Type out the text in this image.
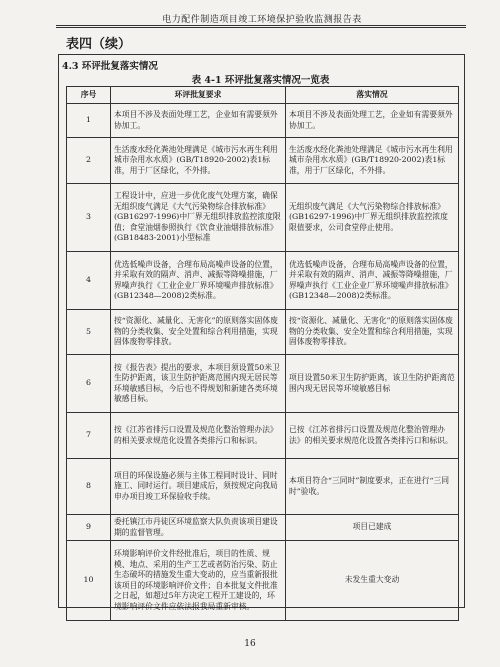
电力配件制造项目竣工环境保护验收监测报告表
表四（续）
4.3 环评批复落实情况
表 4-1 环评批复落实情况一览表
序号	环评批复要求	落实情况
1	本项目不涉及表面处理工艺，企业如有需要须外协加工。	本项目不涉及表面处理工艺，企业如有需要须外协加工。
2	生活废水经化粪池处理满足《城市污水再生利用城市杂用水水质》(GB/T18920-2002)表1标准，用于厂区绿化，不外排。	生活废水经化粪池处理满足《城市污水再生利用城市杂用水水质》(GB/T18920-2002)表1标准，用于厂区绿化，不外排。
3	工程设计中，应进一步优化废气处理方案，确保无组织废气满足《大气污染物综合排放标准》(GB16297-1996)中厂界无组织排放监控浓度限值；食堂油烟参照执行《饮食业油烟排放标准》(GB18483-2001)小型标准	无组织废气满足《大气污染物综合排放标准》(GB16297-1996)中厂界无组织排放监控浓度限值要求，公司食堂停止使用。
4	优选低噪声设备，合理布局高噪声设备的位置，并采取有效的隔声、消声、减振等降噪措施，厂界噪声执行《工业企业厂界环境噪声排放标准》(GB12348—2008)2类标准。	优选低噪声设备，合理布局高噪声设备的位置，并采取有效的隔声、消声、减振等降噪措施，厂界噪声执行《工业企业厂界环境噪声排放标准》(GB12348—2008)2类标准。
5	按“资源化、减量化、无害化”的原则落实固体废物的分类收集、安全处置和综合利用措施，实现固体废物零排放。	按“资源化、减量化、无害化”的原则落实固体废物的分类收集、安全处置和综合利用措施，实现固体废物零排放。
6	按《报告表》提出的要求，本项目须设置50米卫生防护距离，该卫生防护距离范围内现无居民等环境敏感目标，今后也不得规划和新建各类环境敏感目标。	项目设置50米卫生防护距离，该卫生防护距离范围内现无居民等环境敏感目标
7	按《江苏省排污口设置及规范化整治管理办法》的相关要求规范化设置各类排污口和标识。	已按《江苏省排污口设置及规范化整治管理办法》的相关要求规范化设置各类排污口和标识。
8	项目的环保设施必须与主体工程同时设计、同时施工、同时运行。项目建成后，须按规定向我局申办项目竣工环保验收手续。	本项目符合“三同时”制度要求，正在进行“三同时”验收。
9	委托镇江市丹徒区环境监察大队负责该项目建设期的监督管理。	项目已建成
10	环境影响评价文件经批准后，项目的性质、规模、地点、采用的生产工艺或者防治污染、防止生态破坏的措施发生重大变动的，应当重新报批该项目的环境影响评价文件；自本批复文件批准之日起，如超过5年方决定工程开工建设的，环境影响评价文件应依法报我局重新审核。	未发生重大变动
16
